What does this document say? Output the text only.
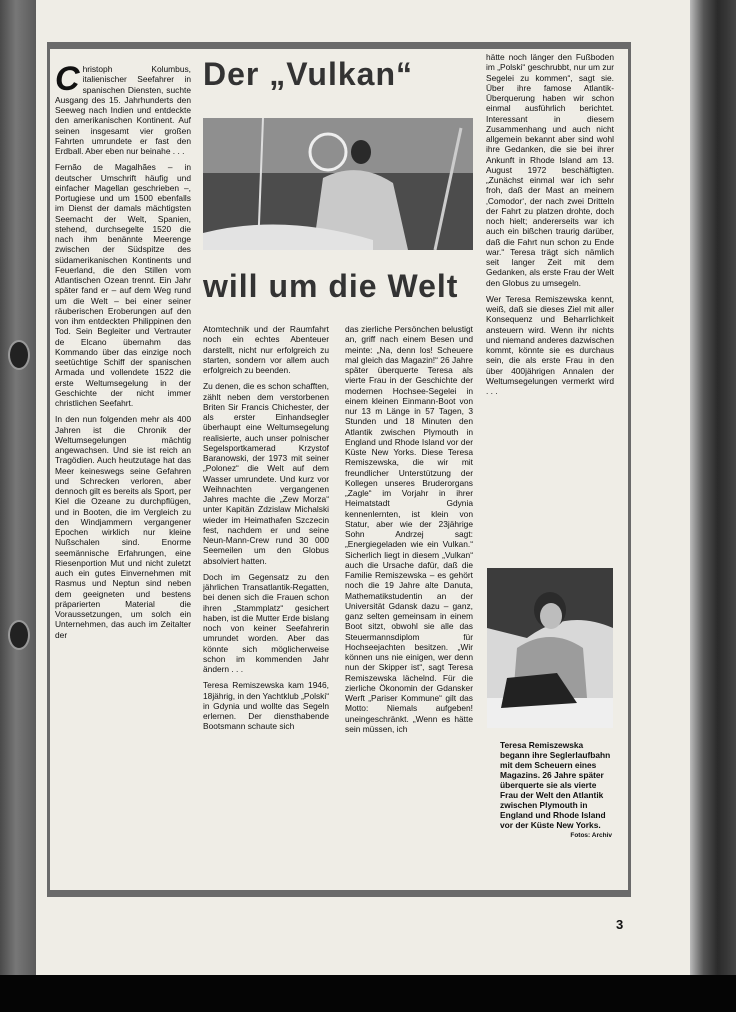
Christoph Kolumbus, italienischer Seefahrer in spanischen Diensten, suchte Ausgang des 15. Jahrhunderts den Seeweg nach Indien und entdeckte den amerikanischen Kontinent. Auf seinen insgesamt vier großen Fahrten umrundete er fast den Erdball. Aber eben nur beinahe . . .

Fernão de Magalhães – in deutscher Umschrift häufig und einfacher Magellan geschrieben –, Portugiese und um 1500 ebenfalls im Dienst der damals mächtigsten Seemacht der Welt, Spanien, stehend, durchsegelte 1520 die nach ihm benännte Meerenge zwischen der Südspitze des südamerikanischen Kontinents und Feuerland, die den Stillen vom Atlantischen Ozean trennt. Ein Jahr später fand er – auf dem Weg rund um die Welt – bei einer seiner räuberischen Eroberungen auf den von ihm entdeckten Philippinen den Tod. Sein Begleiter und Vertrauter de Elcano übernahm das Kommando über das einzige noch seetüchtige Schiff der spanischen Armada und vollendete 1522 die erste Weltumsegelung in der Geschichte der nicht immer christlichen Seefahrt.

In den nun folgenden mehr als 400 Jahren ist die Chronik der Weltumsegelungen mächtig angewachsen. Und sie ist reich an Tragödien. Auch heutzutage hat das Meer keineswegs seine Gefahren und Schrecken verloren, aber dennoch gilt es bereits als Sport, per Kiel die Ozeane zu durchpflügen, und in Booten, die im Vergleich zu den Windjammern vergangener Epochen wirklich nur kleine Nußschalen sind. Enorme seemännische Erfahrungen, eine Riesenportion Mut und nicht zuletzt auch ein gutes Einvernehmen mit Rasmus und Neptun sind neben dem geeigneten und bestens präparierten Material die Voraussetzungen, um solch ein Unternehmen, das auch im Zeitalter der

Der „Vulkan“
will um die Welt

Atomtechnik und der Raumfahrt noch ein echtes Abenteuer darstellt, nicht nur erfolgreich zu starten, sondern vor allem auch erfolgreich zu beenden.

Zu denen, die es schon schafften, zählt neben dem verstorbenen Briten Sir Francis Chichester, der als erster Einhandsegler überhaupt eine Weltumsegelung realisierte, auch unser polnischer Segelsportkamerad Krzystof Baranowski, der 1973 mit seiner „Polonez“ die Welt auf dem Wasser umrundete. Und kurz vor Weihnachten vergangenen Jahres machte die „Zew Morza“ unter Kapitän Zdzislaw Michalski wieder im Heimathafen Szczecin fest, nachdem er und seine Neun-Mann-Crew rund 30 000 Seemeilen um den Globus absolviert hatten.

Doch im Gegensatz zu den jährlichen Transatlantik-Regatten, bei denen sich die Frauen schon ihren „Stammplatz“ gesichert haben, ist die Mutter Erde bislang noch von keiner Seefahrerin umrundet worden. Aber das könnte sich möglicherweise schon im kommenden Jahr ändern . . .

Teresa Remiszewska kam 1946, 18jährig, in den Yachtklub „Polski“ in Gdynia und wollte das Segeln erlernen. Der diensthabende Bootsmann schaute sich

das zierliche Persönchen belustigt an, griff nach einem Besen und meinte: „Na, denn los! Scheuere mal gleich das Magazin!“ 26 Jahre später überquerte Teresa als vierte Frau in der Geschichte der modernen Hochsee-Segelei in einem kleinen Einmann-Boot von nur 13 m Länge in 57 Tagen, 3 Stunden und 18 Minuten den Atlantik zwischen Plymouth in England und Rhode Island vor der Küste New Yorks. Diese Teresa Remiszewska, die wir mit freundlicher Unterstützung der Kollegen unseres Bruderorgans „Zagle“ im Vorjahr in ihrer Heimatstadt Gdynia kennenlernten, ist klein von Statur, aber wie der 23jährige Sohn Andrzej sagt: „Energiegeladen wie ein Vulkan.“ Sicherlich liegt in diesem „Vulkan“ auch die Ursache dafür, daß die Familie Remiszewska – es gehört noch die 19 Jahre alte Danuta, Mathematikstudentin an der Universität Gdansk dazu – ganz, ganz selten gemeinsam in einem Boot sitzt, obwohl sie alle das Steuermannsdiplom für Hochseejachten besitzen. „Wir können uns nie einigen, wer denn nun der Skipper ist“, sagt Teresa Remiszewska lächelnd. Für die zierliche Ökonomin der Gdansker Werft „Pariser Kommune“ gilt das Motto: Niemals aufgeben! uneingeschränkt. „Wenn es hätte sein müssen, ich

hätte noch länger den Fußboden im „Polski“ geschrubbt, nur um zur Segelei zu kommen“, sagt sie. Über ihre famose Atlantik-Überquerung haben wir schon einmal ausführlich berichtet. Interessant in diesem Zusammenhang und auch nicht allgemein bekannt aber sind wohl ihre Gedanken, die sie bei ihrer Ankunft in Rhode Island am 13. August 1972 beschäftigten. „Zunächst einmal war ich sehr froh, daß der Mast an meinem ‚Comodor‘, der nach zwei Dritteln der Fahrt zu platzen drohte, doch noch hielt; andererseits war ich auch ein bißchen traurig darüber, daß die Fahrt nun schon zu Ende war.“ Teresa trägt sich nämlich seit langer Zeit mit dem Gedanken, als erste Frau der Welt den Globus zu umsegeln.

Wer Teresa Remiszewska kennt, weiß, daß sie dieses Ziel mit aller Konsequenz und Beharrlichkeit ansteuern wird. Wenn ihr nichts und niemand anderes dazwischen kommt, könnte sie es durchaus sein, die als erste Frau in den über 400jährigen Annalen der Weltumsegelungen vermerkt wird . . .

Teresa Remiszewska begann ihre Seglerlaufbahn mit dem Scheuern eines Magazins. 26 Jahre später überquerte sie als vierte Frau der Welt den Atlantik zwischen Plymouth in England und Rhode Island vor der Küste New Yorks.
Fotos: Archiv
3
